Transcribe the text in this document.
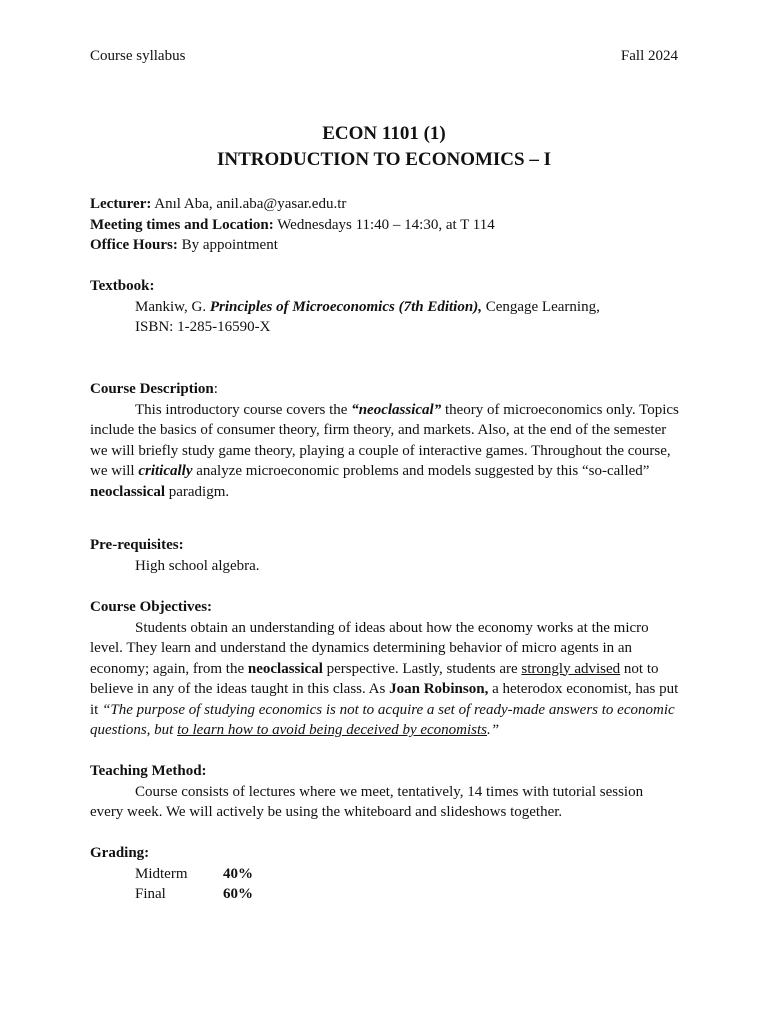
Course syllabus	Fall 2024
ECON 1101 (1)
INTRODUCTION TO ECONOMICS – I

Lecturer: Anıl Aba, anil.aba@yasar.edu.tr

Meeting times and Location: Wednesdays 11:40 – 14:30, at T 114

Office Hours: By appointment

Textbook:

Mankiw, G. Principles of Microeconomics (7th Edition), Cengage Learning,

ISBN: 1-285-16590-X

Course Description:

This introductory course covers the “neoclassical” theory of microeconomics only. Topics include the basics of consumer theory, firm theory, and markets. Also, at the end of the semester we will briefly study game theory, playing a couple of interactive games. Throughout the course, we will critically analyze microeconomic problems and models suggested by this “so-called” neoclassical paradigm.

Pre-requisites:

High school algebra.

Course Objectives:

Students obtain an understanding of ideas about how the economy works at the micro level. They learn and understand the dynamics determining behavior of micro agents in an economy; again, from the neoclassical perspective. Lastly, students are strongly advised not to believe in any of the ideas taught in this class. As Joan Robinson, a heterodox economist, has put it “The purpose of studying economics is not to acquire a set of ready-made answers to economic questions, but to learn how to avoid being deceived by economists.”

Teaching Method:

Course consists of lectures where we meet, tentatively, 14 times with tutorial session every week. We will actively be using the whiteboard and slideshows together.

Grading:

Midterm	40%
Final	60%
